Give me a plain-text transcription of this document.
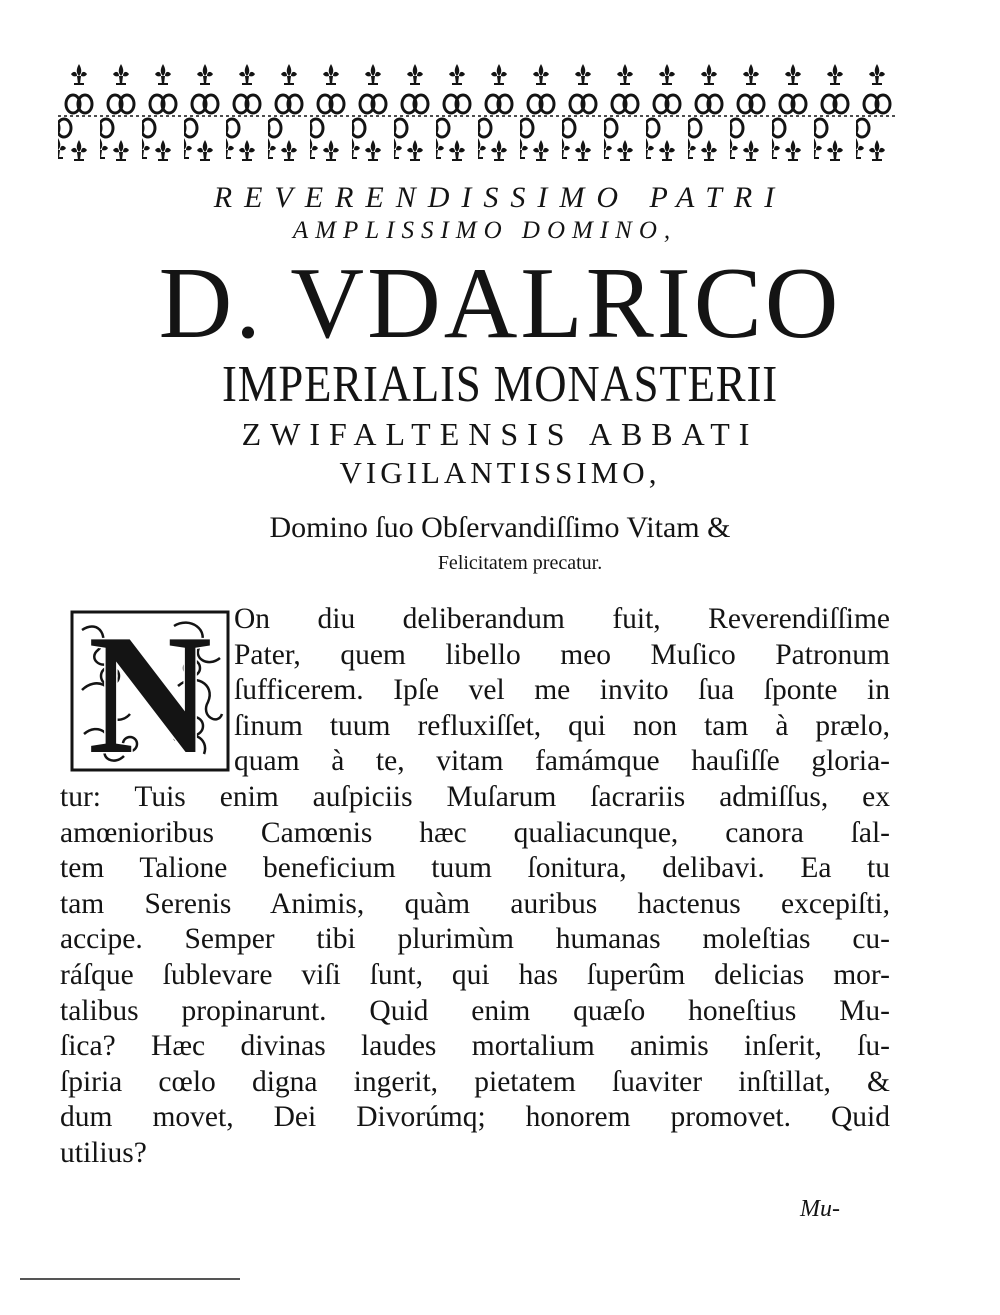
REVERENDISSIMO PATRI
AMPLISSIMO DOMINO,
D. VDALRICO
IMPERIALIS MONASTERII
ZWIFALTENSIS ABBATI
VIGILANTISSIMO,
Domino ſuo Obſervandiſſimo Vitam &
Felicitatem precatur.
N On diu deliberandum fuit, Reverendiſſime
Pater, quem libello meo Muſico Patronum
ſufficerem. Ipſe vel me invito ſua ſponte in
ſinum tuum refluxiſſet, qui non tam à prælo,
quam à te, vitam famámque hauſiſſe gloria-
tur: Tuis enim auſpiciis Muſarum ſacrariis admiſſus, ex
amœnioribus Camœnis hæc qualiacunque, canora ſal-
tem Talione beneficium tuum ſonitura, delibavi. Ea tu
tam Serenis Animis, quàm auribus hactenus excepiſti,
accipe. Semper tibi plurimùm humanas moleſtias cu-
ráſque ſublevare viſi ſunt, qui has ſuperûm delicias mor-
talibus propinarunt. Quid enim quæſo honeſtius Mu-
ſica? Hæc divinas laudes mortalium animis inſerit, ſu-
ſpiria cœlo digna ingerit, pietatem ſuaviter inſtillat, &
dum movet, Dei Divorúmq; honorem promovet. Quid
utilius?
Mu-
